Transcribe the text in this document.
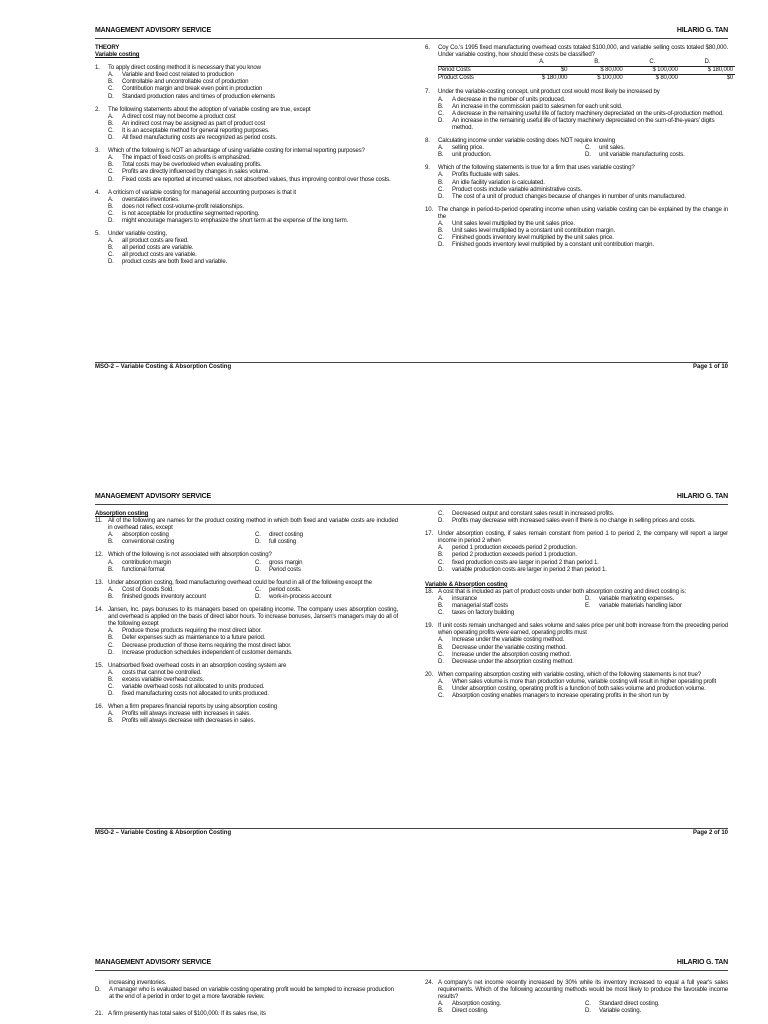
MANAGEMENT ADVISORY SERVICE	HILARIO G. TAN
THEORY
Variable costing
1. To apply direct costing method it is necessary that you know
A. Variable and fixed cost related to production
B. Controllable and uncontrollable cost of production
C. Contribution margin and break even point in production
D. Standard production rates and times of production elements
2. The following statements about the adoption of variable costing are true, except
A. A direct cost may not become a product cost
B. An indirect cost may be assigned as part of product cost
C. It is an acceptable method for general reporting purposes.
D. All fixed manufacturing costs are recognized as period costs.
3. Which of the following is NOT an advantage of using variable costing for internal reporting purposes?
A. The impact of fixed costs on profits is emphasized.
B. Total costs may be overlooked when evaluating profits.
C. Profits are directly influenced by changes in sales volume.
D. Fixed costs are reported at incurred values, not absorbed values, thus improving control over those costs.
4. A criticism of variable costing for managerial accounting purposes is that it
A. overstates inventories.
B. does not reflect cost-volume-profit relationships.
C. is not acceptable for productline segmented reporting.
D. might encourage managers to emphasize the short term at the expense of the long term.
5. Under variable costing,
A. all product costs are fixed.
B. all period costs are variable.
C. all product costs are variable.
D. product costs are both fixed and variable.
6. Coy Co.'s 1995 fixed manufacturing overhead costs totaled $100,000, and variable selling costs totaled $80,000. Under variable costing, how should these costs be classified?
	A.	B.	C.	D.
Period Costs	$0	$ 80,000	$ 100,000	$ 180,000
Product Costs	$ 180,000	$ 100,000	$ 80,000	$0
7. Under the variable-costing concept, unit product cost would most likely be increased by
A. A decrease in the number of units produced.
B. An increase in the commission paid to salesmen for each unit sold.
C. A decrease in the remaining useful life of factory machinery depreciated on the units-of-production method.
D. An increase in the remaining useful life of factory machinery depreciated on the sum-of-the-years' digits method.
8. Calculating income under variable costing does NOT require knowing
A. selling price.	C. unit sales.
B. unit production.	D. unit variable manufacturing costs.
9. Which of the following statements is true for a firm that uses variable costing?
A. Profits fluctuate with sales.
B. An idle facility variation is calculated.
C. Product costs include variable administrative costs.
D. The cost of a unit of product changes because of changes in number of units manufactured.
10. The change in period-to-period operating income when using variable costing can be explained by the change in the
A. Unit sales level multiplied by the unit sales price.
B. Unit sales level multiplied by a constant unit contribution margin.
C. Finished goods inventory level multiplied by the unit sales price.
D. Finished goods inventory level multiplied by a constant unit contribution margin.
MSO-2 – Variable Costing & Absorption Costing	Page 1 of 10
MANAGEMENT ADVISORY SERVICE	HILARIO G. TAN
Absorption costing
11. All of the following are names for the product costing method in which both fixed and variable costs are included in overhead rates, except
A. absorption costing	C. direct costing
B. conventional costing	D. full costing
12. Which of the following is not associated with absorption costing?
A. contribution margin	C. gross margin
B. functional format	D. Period costs
13. Under absorption costing, fixed manufacturing overhead could be found in all of the following except the
A. Cost of Goods Sold.	C. period costs.
B. finished goods inventory account	D. work-in-process account
14. Jansen, Inc. pays bonuses to its managers based on operating income. The company uses absorption costing, and overhead is applied on the basis of direct labor hours. To increase bonuses, Jansen's managers may do all of the following except
A. Produce those products requiring the most direct labor.
B. Defer expenses such as maintenance to a future period.
C. Decrease production of those items requiring the most direct labor.
D. Increase production schedules independent of customer demands.
15. Unabsorbed fixed overhead costs in an absorption costing system are
A. costs that cannot be controlled.
B. excess variable overhead costs.
C. variable overhead costs not allocated to units produced.
D. fixed manufacturing costs not allocated to units produced.
16. When a firm prepares financial reports by using absorption costing
A. Profits will always increase with increases in sales.
B. Profits will always decrease with decreases in sales.
C. Decreased output and constant sales result in increased profits.
D. Profits may decrease with increased sales even if there is no change in selling prices and costs.
17. Under absorption costing, if sales remain constant from period 1 to period 2, the company will report a larger income in period 2 when
A. period 1 production exceeds period 2 production.
B. period 2 production exceeds period 1 production.
C. fixed production costs are larger in period 2 than period 1.
D. variable production costs are larger in period 2 than period 1.
Variable & Absorption costing
18. A cost that is included as part of product costs under both absorption costing and direct costing is:
A. insurance	D. variable marketing expenses.
B. managerial staff costs	E. variable materials handling labor
C. taxes on factory building
19. If unit costs remain unchanged and sales volume and sales price per unit both increase from the preceding period when operating profits were earned, operating profits must
A. Increase under the variable costing method.
B. Decrease under the variable costing method.
C. Increase under the absorption costing method.
D. Decrease under the absorption costing method.
20. When comparing absorption costing with variable costing, which of the following statements is not true?
A. When sales volume is more than production volume, variable costing will result in higher operating profit
B. Under absorption costing, operating profit is a function of both sales volume and production volume.
C. Absorption costing enables managers to increase operating profits in the short run by
MSO-2 – Variable Costing & Absorption Costing	Page 2 of 10
MANAGEMENT ADVISORY SERVICE	HILARIO G. TAN
increasing inventories.
D. A manager who is evaluated based on variable costing operating profit would be tempted to increase production at the end of a period in order to get a more favorable review.
21. A firm presently has total sales of $100,000. If its sales rise, its
24. A company's net income recently increased by 30% while its inventory increased to equal a full year's sales requirements. Which of the following accounting methods would be most likely to produce the favorable income results?
A. Absorption costing.	C. Standard direct costing.
B. Direct costing.	D. Variable costing.
